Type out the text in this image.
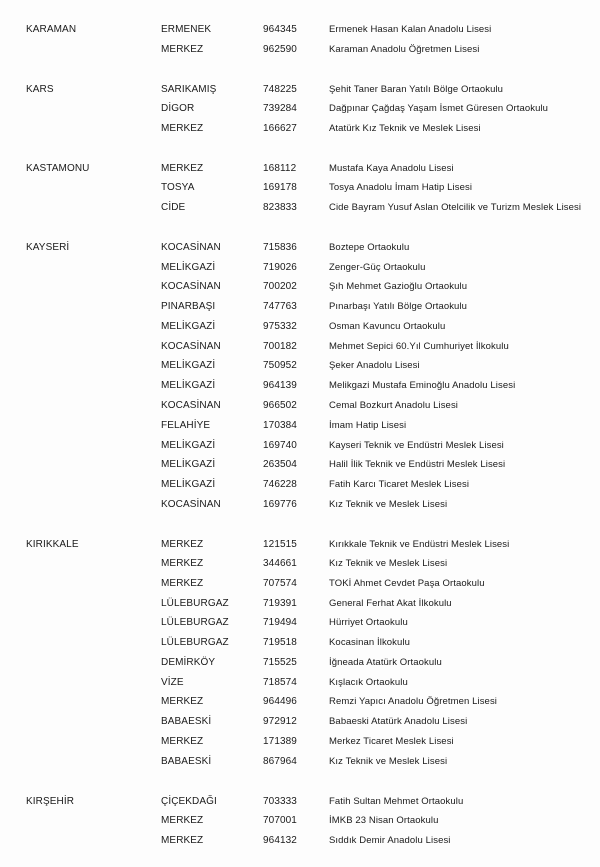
KARAMAN	ERMENEK	964345	Ermenek Hasan Kalan Anadolu Lisesi
MERKEZ	962590	Karaman Anadolu Öğretmen Lisesi
KARS	SARIKAMIŞ	748225	Şehit Taner Baran Yatılı Bölge Ortaokulu
DİGOR	739284	Dağpınar Çağdaş Yaşam İsmet Güresen Ortaokulu
MERKEZ	166627	Atatürk Kız Teknik ve Meslek Lisesi
KASTAMONU	MERKEZ	168112	Mustafa Kaya Anadolu Lisesi
TOSYA	169178	Tosya Anadolu İmam Hatip Lisesi
CİDE	823833	Cide Bayram Yusuf Aslan Otelcilik ve Turizm Meslek Lisesi
KAYSERİ	KOCASİNAN	715836	Boztepe Ortaokulu
MELİKGAZİ	719026	Zenger-Güç Ortaokulu
KOCASİNAN	700202	Şıh Mehmet Gazioğlu Ortaokulu
PINARBAŞI	747763	Pınarbaşı Yatılı Bölge Ortaokulu
MELİKGAZİ	975332	Osman Kavuncu Ortaokulu
KOCASİNAN	700182	Mehmet Sepici 60.Yıl Cumhuriyet İlkokulu
MELİKGAZİ	750952	Şeker Anadolu Lisesi
MELİKGAZİ	964139	Melikgazi Mustafa Eminoğlu Anadolu Lisesi
KOCASİNAN	966502	Cemal Bozkurt Anadolu Lisesi
FELAHİYE	170384	İmam Hatip Lisesi
MELİKGAZİ	169740	Kayseri Teknik ve Endüstri Meslek Lisesi
MELİKGAZİ	263504	Halil İlik Teknik ve Endüstri Meslek Lisesi
MELİKGAZİ	746228	Fatih Karcı Ticaret Meslek Lisesi
KOCASİNAN	169776	Kız Teknik ve Meslek Lisesi
KIRIKKALE	MERKEZ	121515	Kırıkkale Teknik ve Endüstri Meslek Lisesi
MERKEZ	344661	Kız Teknik ve Meslek Lisesi
MERKEZ	707574	TOKİ Ahmet Cevdet Paşa Ortaokulu
LÜLEBURGAZ	719391	General Ferhat Akat İlkokulu
LÜLEBURGAZ	719494	Hürriyet Ortaokulu
LÜLEBURGAZ	719518	Kocasinan İlkokulu
DEMİRKÖY	715525	İğneada Atatürk Ortaokulu
VİZE	718574	Kışlacık Ortaokulu
MERKEZ	964496	Remzi Yapıcı Anadolu Öğretmen Lisesi
BABAESKİ	972912	Babaeski Atatürk Anadolu Lisesi
MERKEZ	171389	Merkez Ticaret Meslek Lisesi
BABAESKİ	867964	Kız Teknik ve Meslek Lisesi
KIRŞEHİR	ÇİÇEKDAĞI	703333	Fatih Sultan Mehmet Ortaokulu
MERKEZ	707001	İMKB 23 Nisan Ortaokulu
MERKEZ	964132	Sıddık Demir Anadolu Lisesi
